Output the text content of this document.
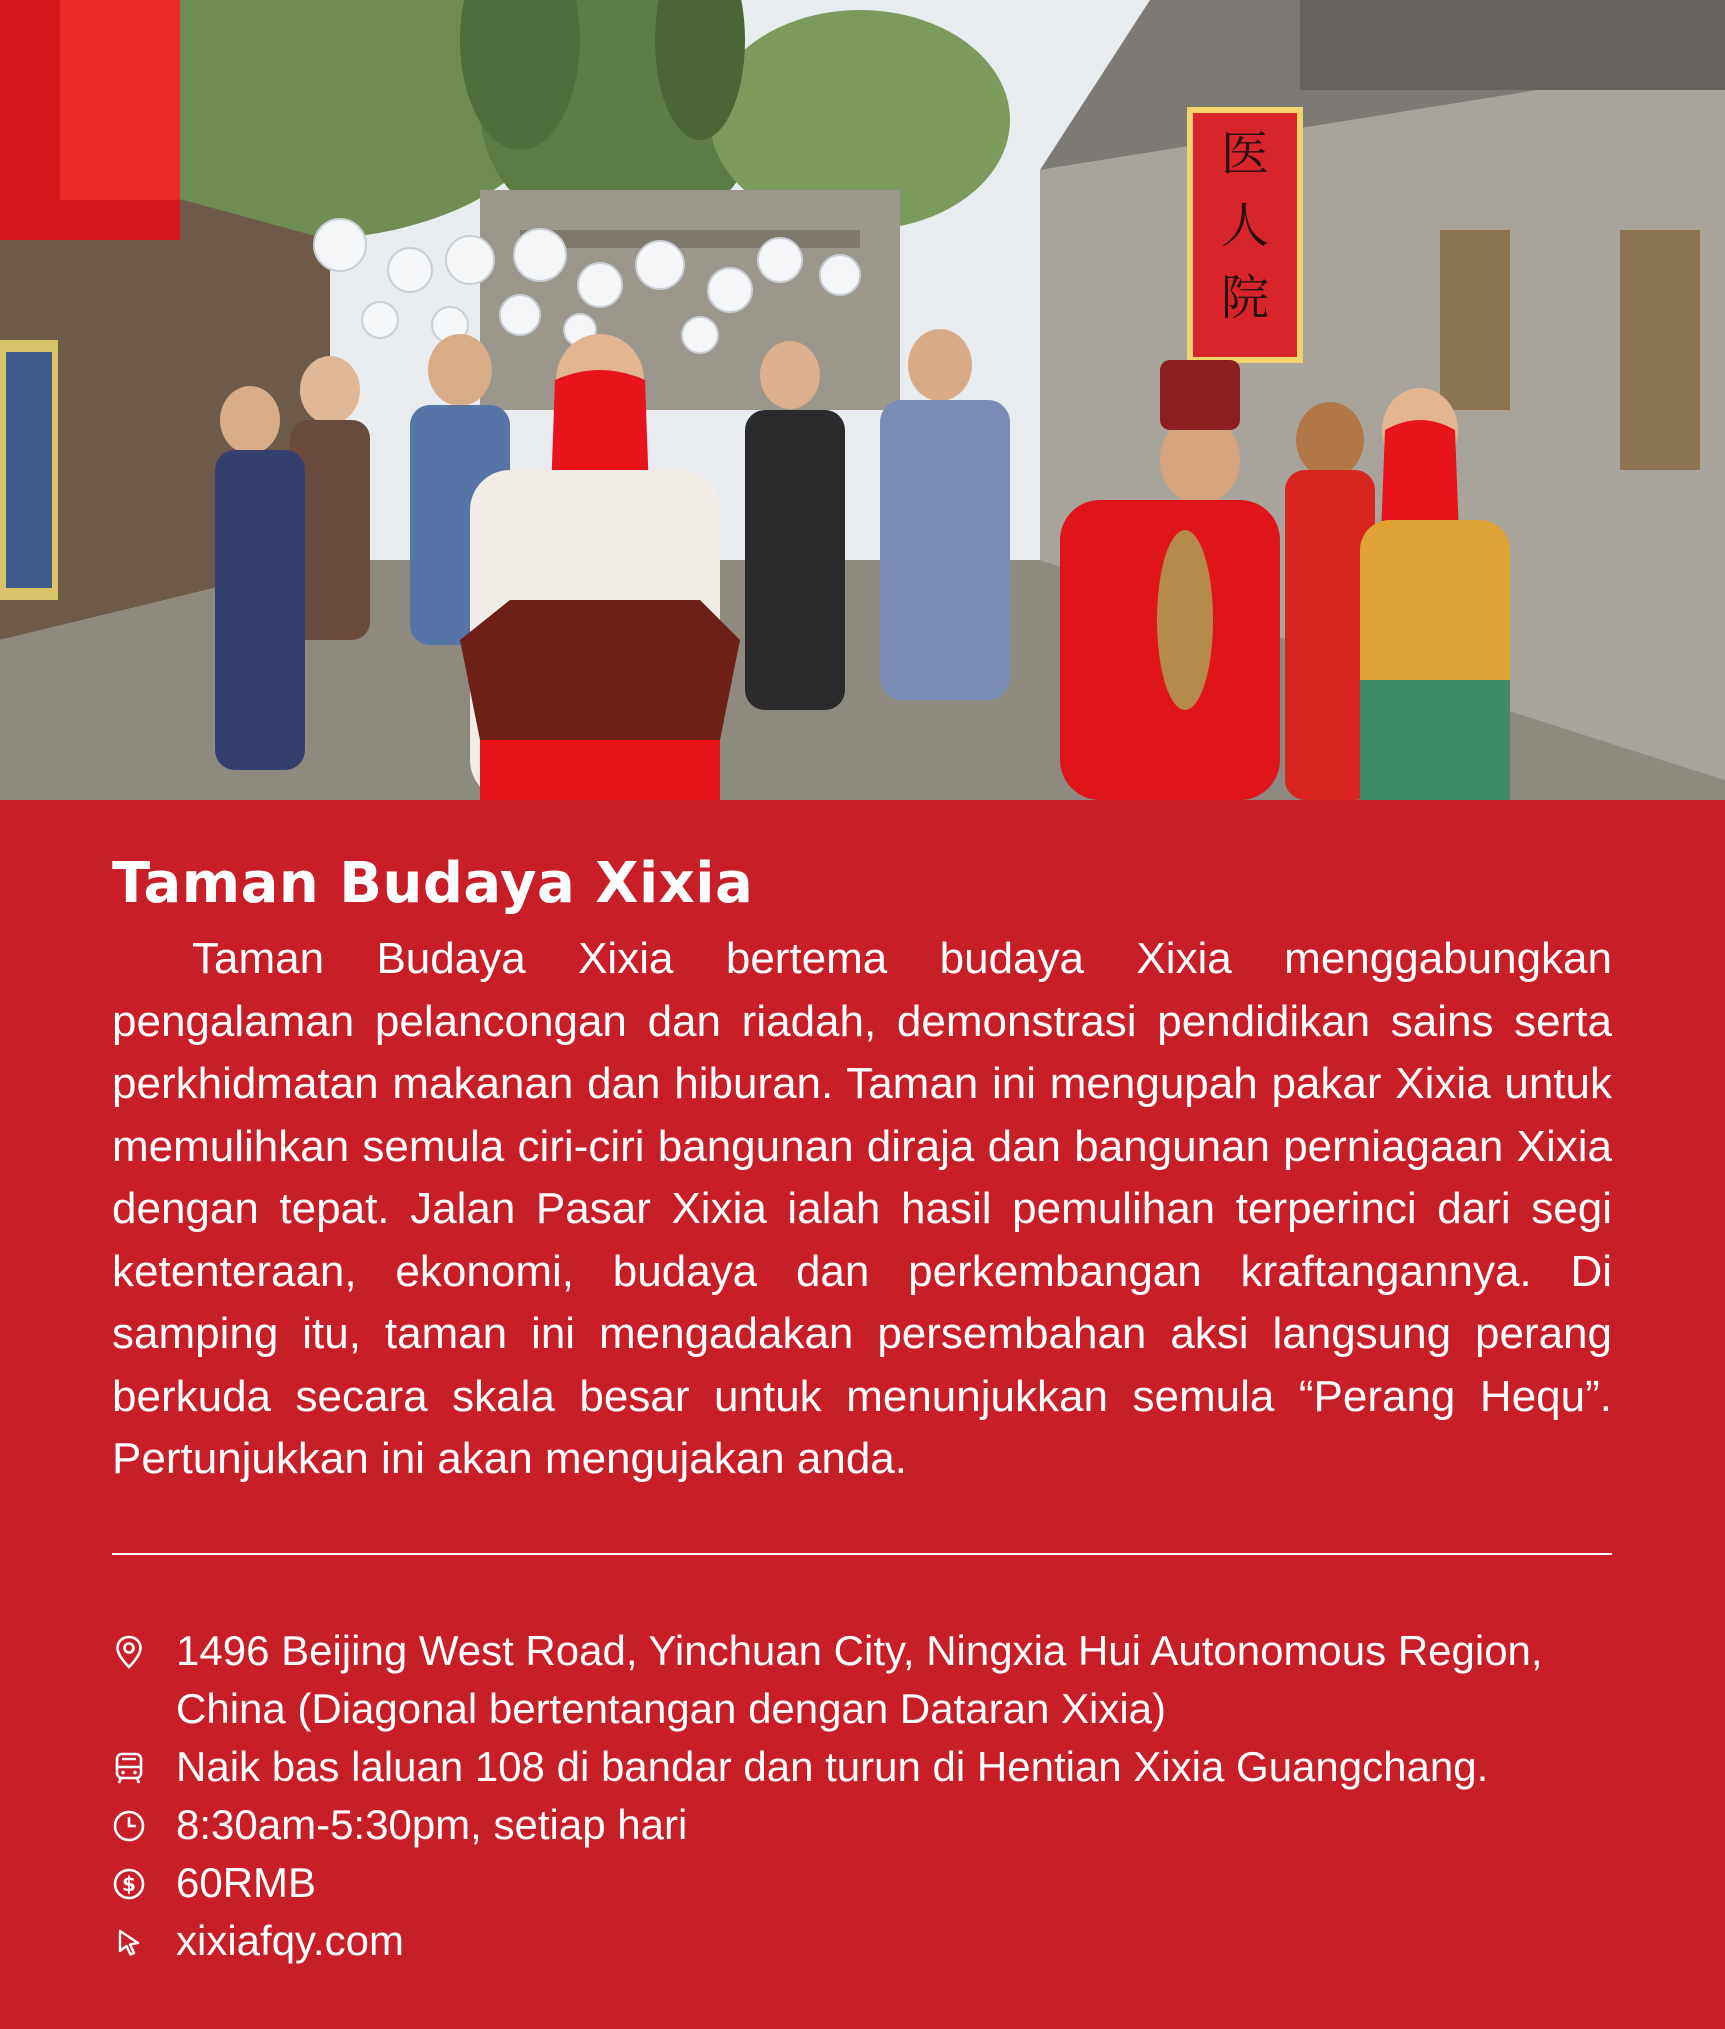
医人院
Taman Budaya Xixia

Taman Budaya Xixia bertema budaya Xixia menggabungkan pengalaman pelancongan dan riadah, demonstrasi pendidikan sains serta perkhidmatan makanan dan hiburan. Taman ini mengupah pakar Xixia untuk memulihkan semula ciri-ciri bangunan diraja dan bangunan perniagaan Xixia dengan tepat. Jalan Pasar Xixia ialah hasil pemulihan terperinci dari segi ketenteraan, ekonomi, budaya dan perkembangan kraftangannya. Di samping itu, taman ini mengadakan persembahan aksi langsung perang berkuda secara skala besar untuk menunjukkan semula “Perang Hequ”. Pertunjukkan ini akan mengujakan anda.

1496 Beijing West Road, Yinchuan City, Ningxia Hui Autonomous Region, China (Diagonal bertentangan dengan Dataran Xixia)
Naik bas laluan 108 di bandar dan turun di Hentian Xixia Guangchang.
8:30am-5:30pm, setiap hari
$ 60RMB
xixiafqy.com
